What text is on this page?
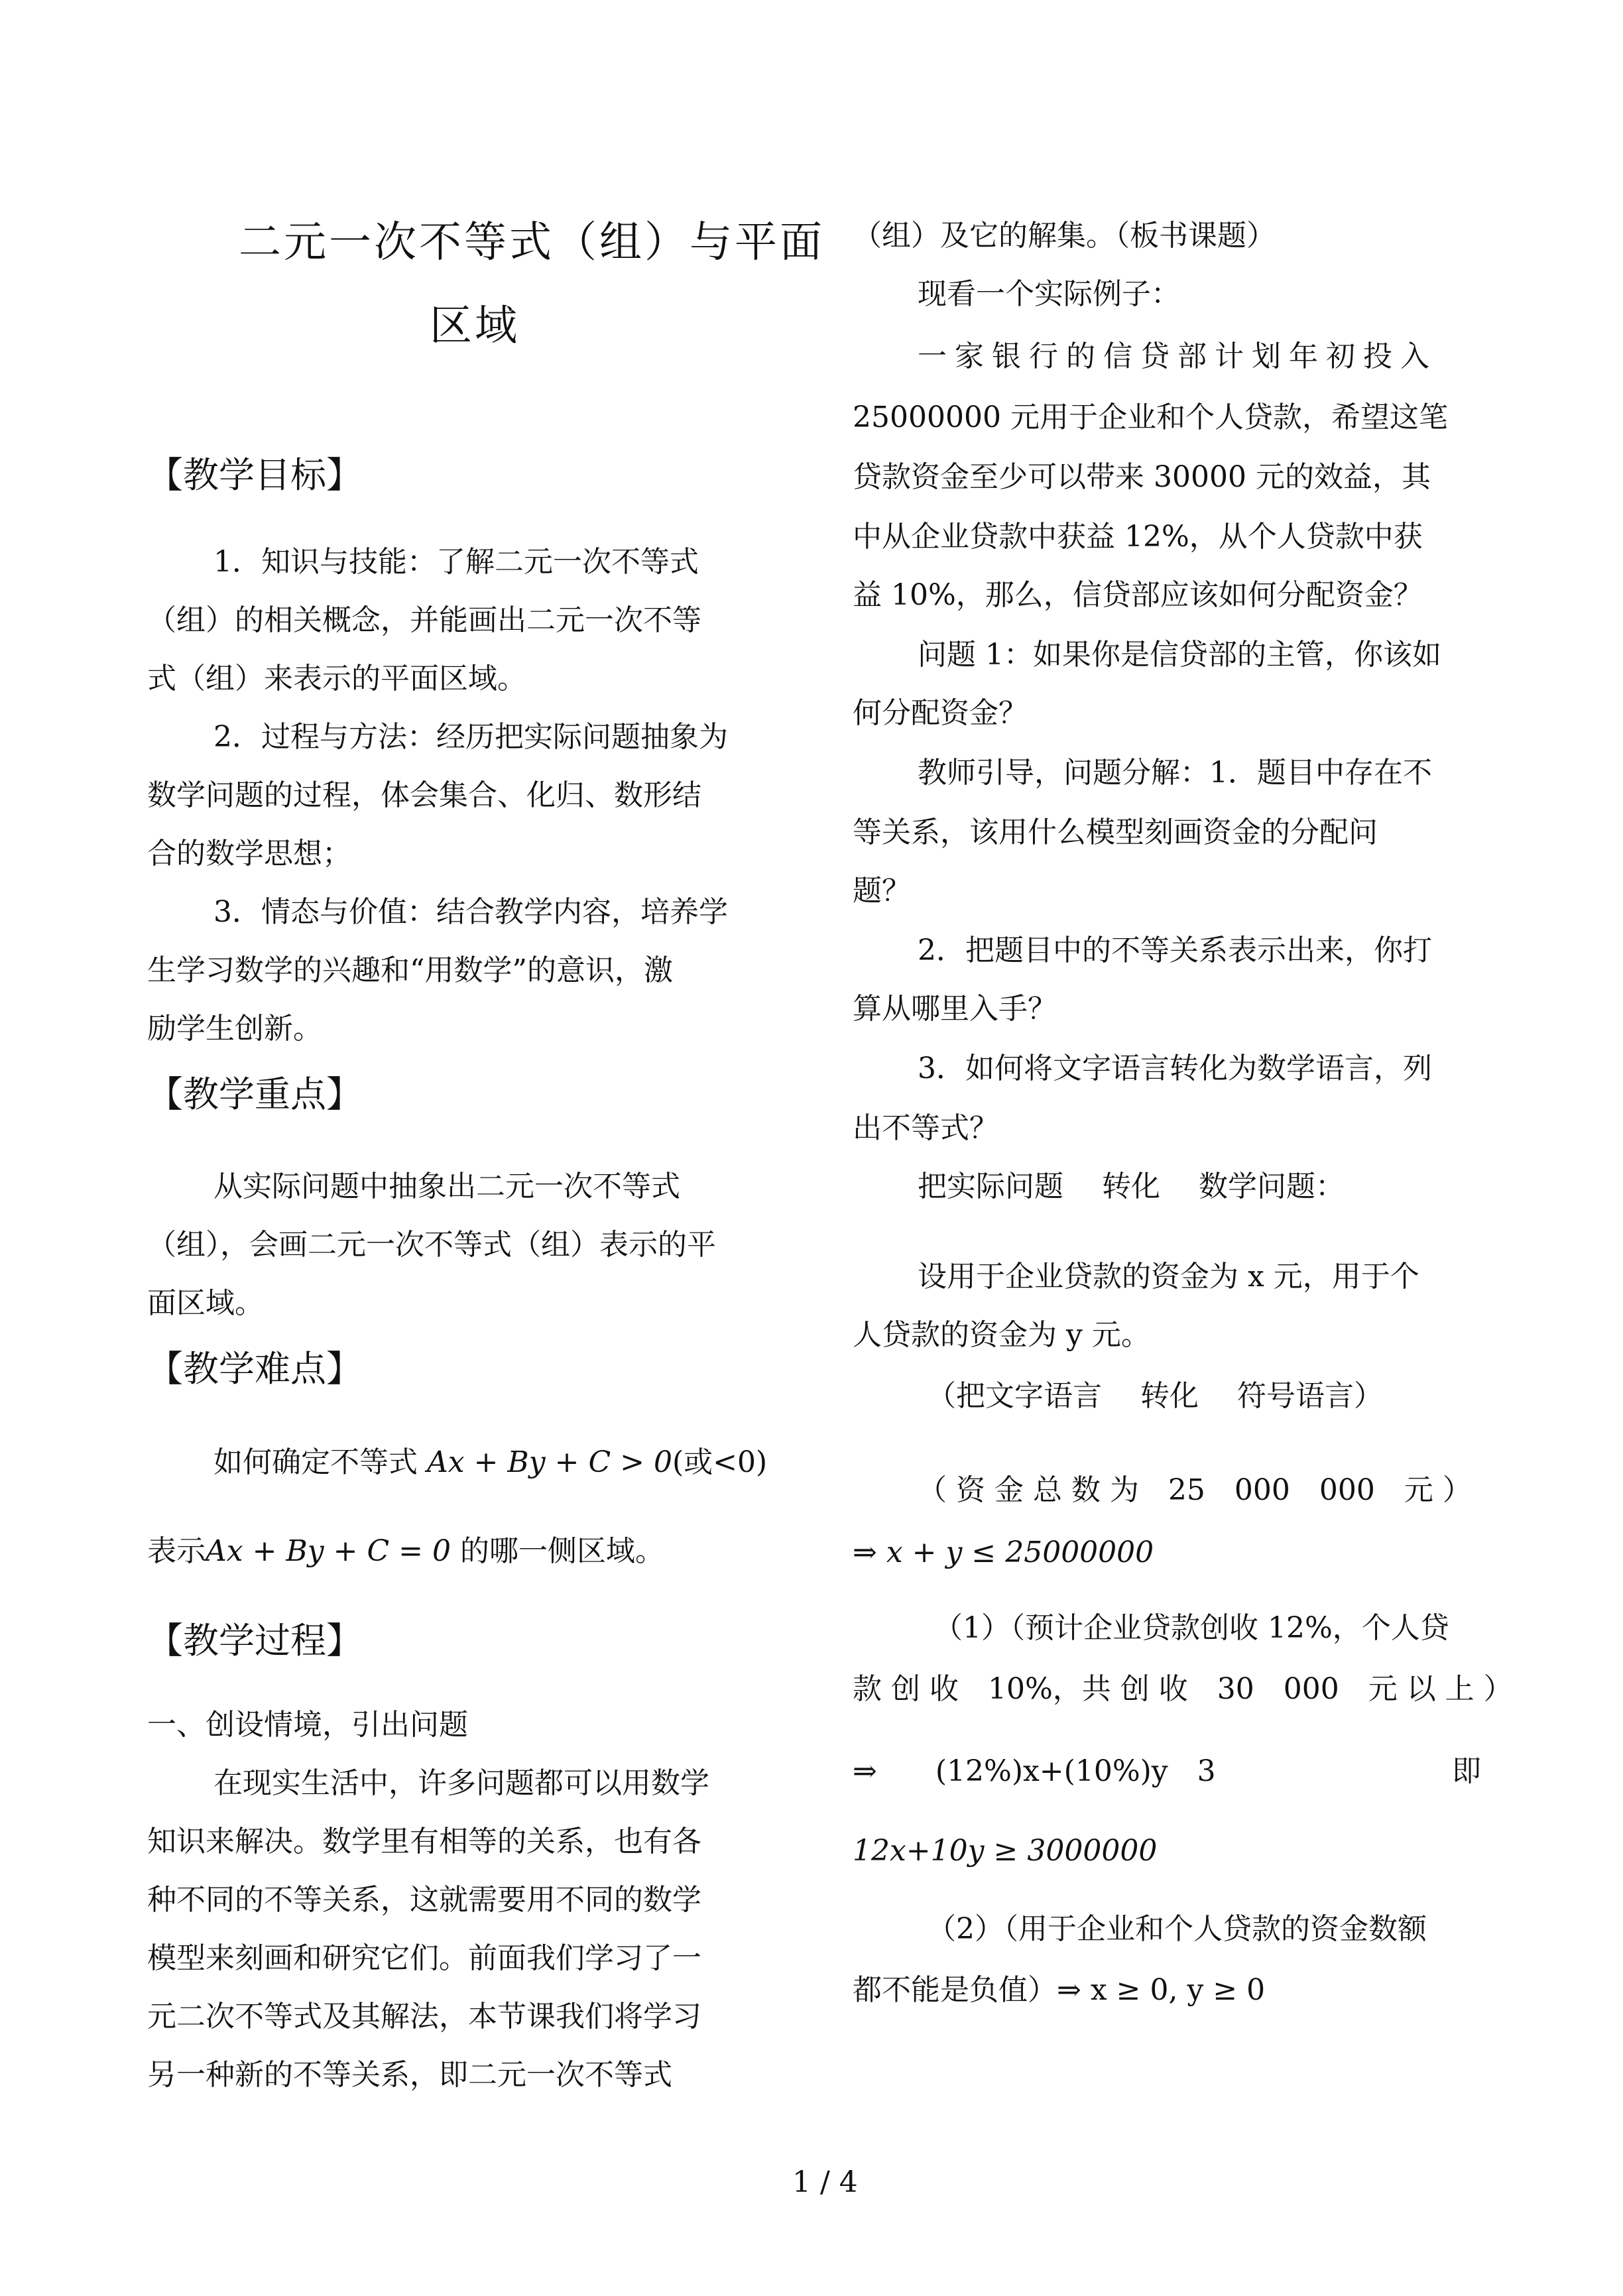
二元一次不等式（组）与平面
区域
【教学目标】
1．知识与技能：了解二元一次不等式
（组）的相关概念，并能画出二元一次不等
式（组）来表示的平面区域。
2．过程与方法：经历把实际问题抽象为
数学问题的过程，体会集合、化归、数形结
合的数学思想；
3．情态与价值：结合教学内容，培养学
生学习数学的兴趣和“用数学”的意识，激
励学生创新。
【教学重点】
从实际问题中抽象出二元一次不等式
（组），会画二元一次不等式（组）表示的平
面区域。
【教学难点】
如何确定不等式 Ax + By + C > 0(或<0)
表示Ax + By + C = 0 的哪一侧区域。
【教学过程】
一、创设情境，引出问题
在现实生活中，许多问题都可以用数学
知识来解决。数学里有相等的关系，也有各
种不同的不等关系，这就需要用不同的数学
模型来刻画和研究它们。前面我们学习了一
元二次不等式及其解法，本节课我们将学习
另一种新的不等关系，即二元一次不等式
（组）及它的解集。（板书课题）
现看一个实际例子：
一家银行的信贷部计划年初投入
25000000 元用于企业和个人贷款，希望这笔
贷款资金至少可以带来 30000 元的效益，其
中从企业贷款中获益 12%，从个人贷款中获
益 10%，那么，信贷部应该如何分配资金？
问题 1：如果你是信贷部的主管，你该如
何分配资金？
教师引导，问题分解：1．题目中存在不
等关系，该用什么模型刻画资金的分配问
题？
2．把题目中的不等关系表示出来，你打
算从哪里入手？
3．如何将文字语言转化为数学语言，列
出不等式？
把实际问题　 转化　 数学问题：
设用于企业贷款的资金为 x 元，用于个
人贷款的资金为 y 元。
（把文字语言　 转化　 符号语言）
（ 资 金 总 数 为　25　000　000　元 ）
⇒ x + y ≤ 25000000
（1）（预计企业贷款创收 12%，个人贷
款 创 收　10%，共 创 收　30　000　元 以 上 ）
⇒　　(12%)x+(10%)y　3	即
12x+10y ≥ 3000000
（2）（用于企业和个人贷款的资金数额
都不能是负值）⇒ x ≥ 0, y ≥ 0
1 / 4
